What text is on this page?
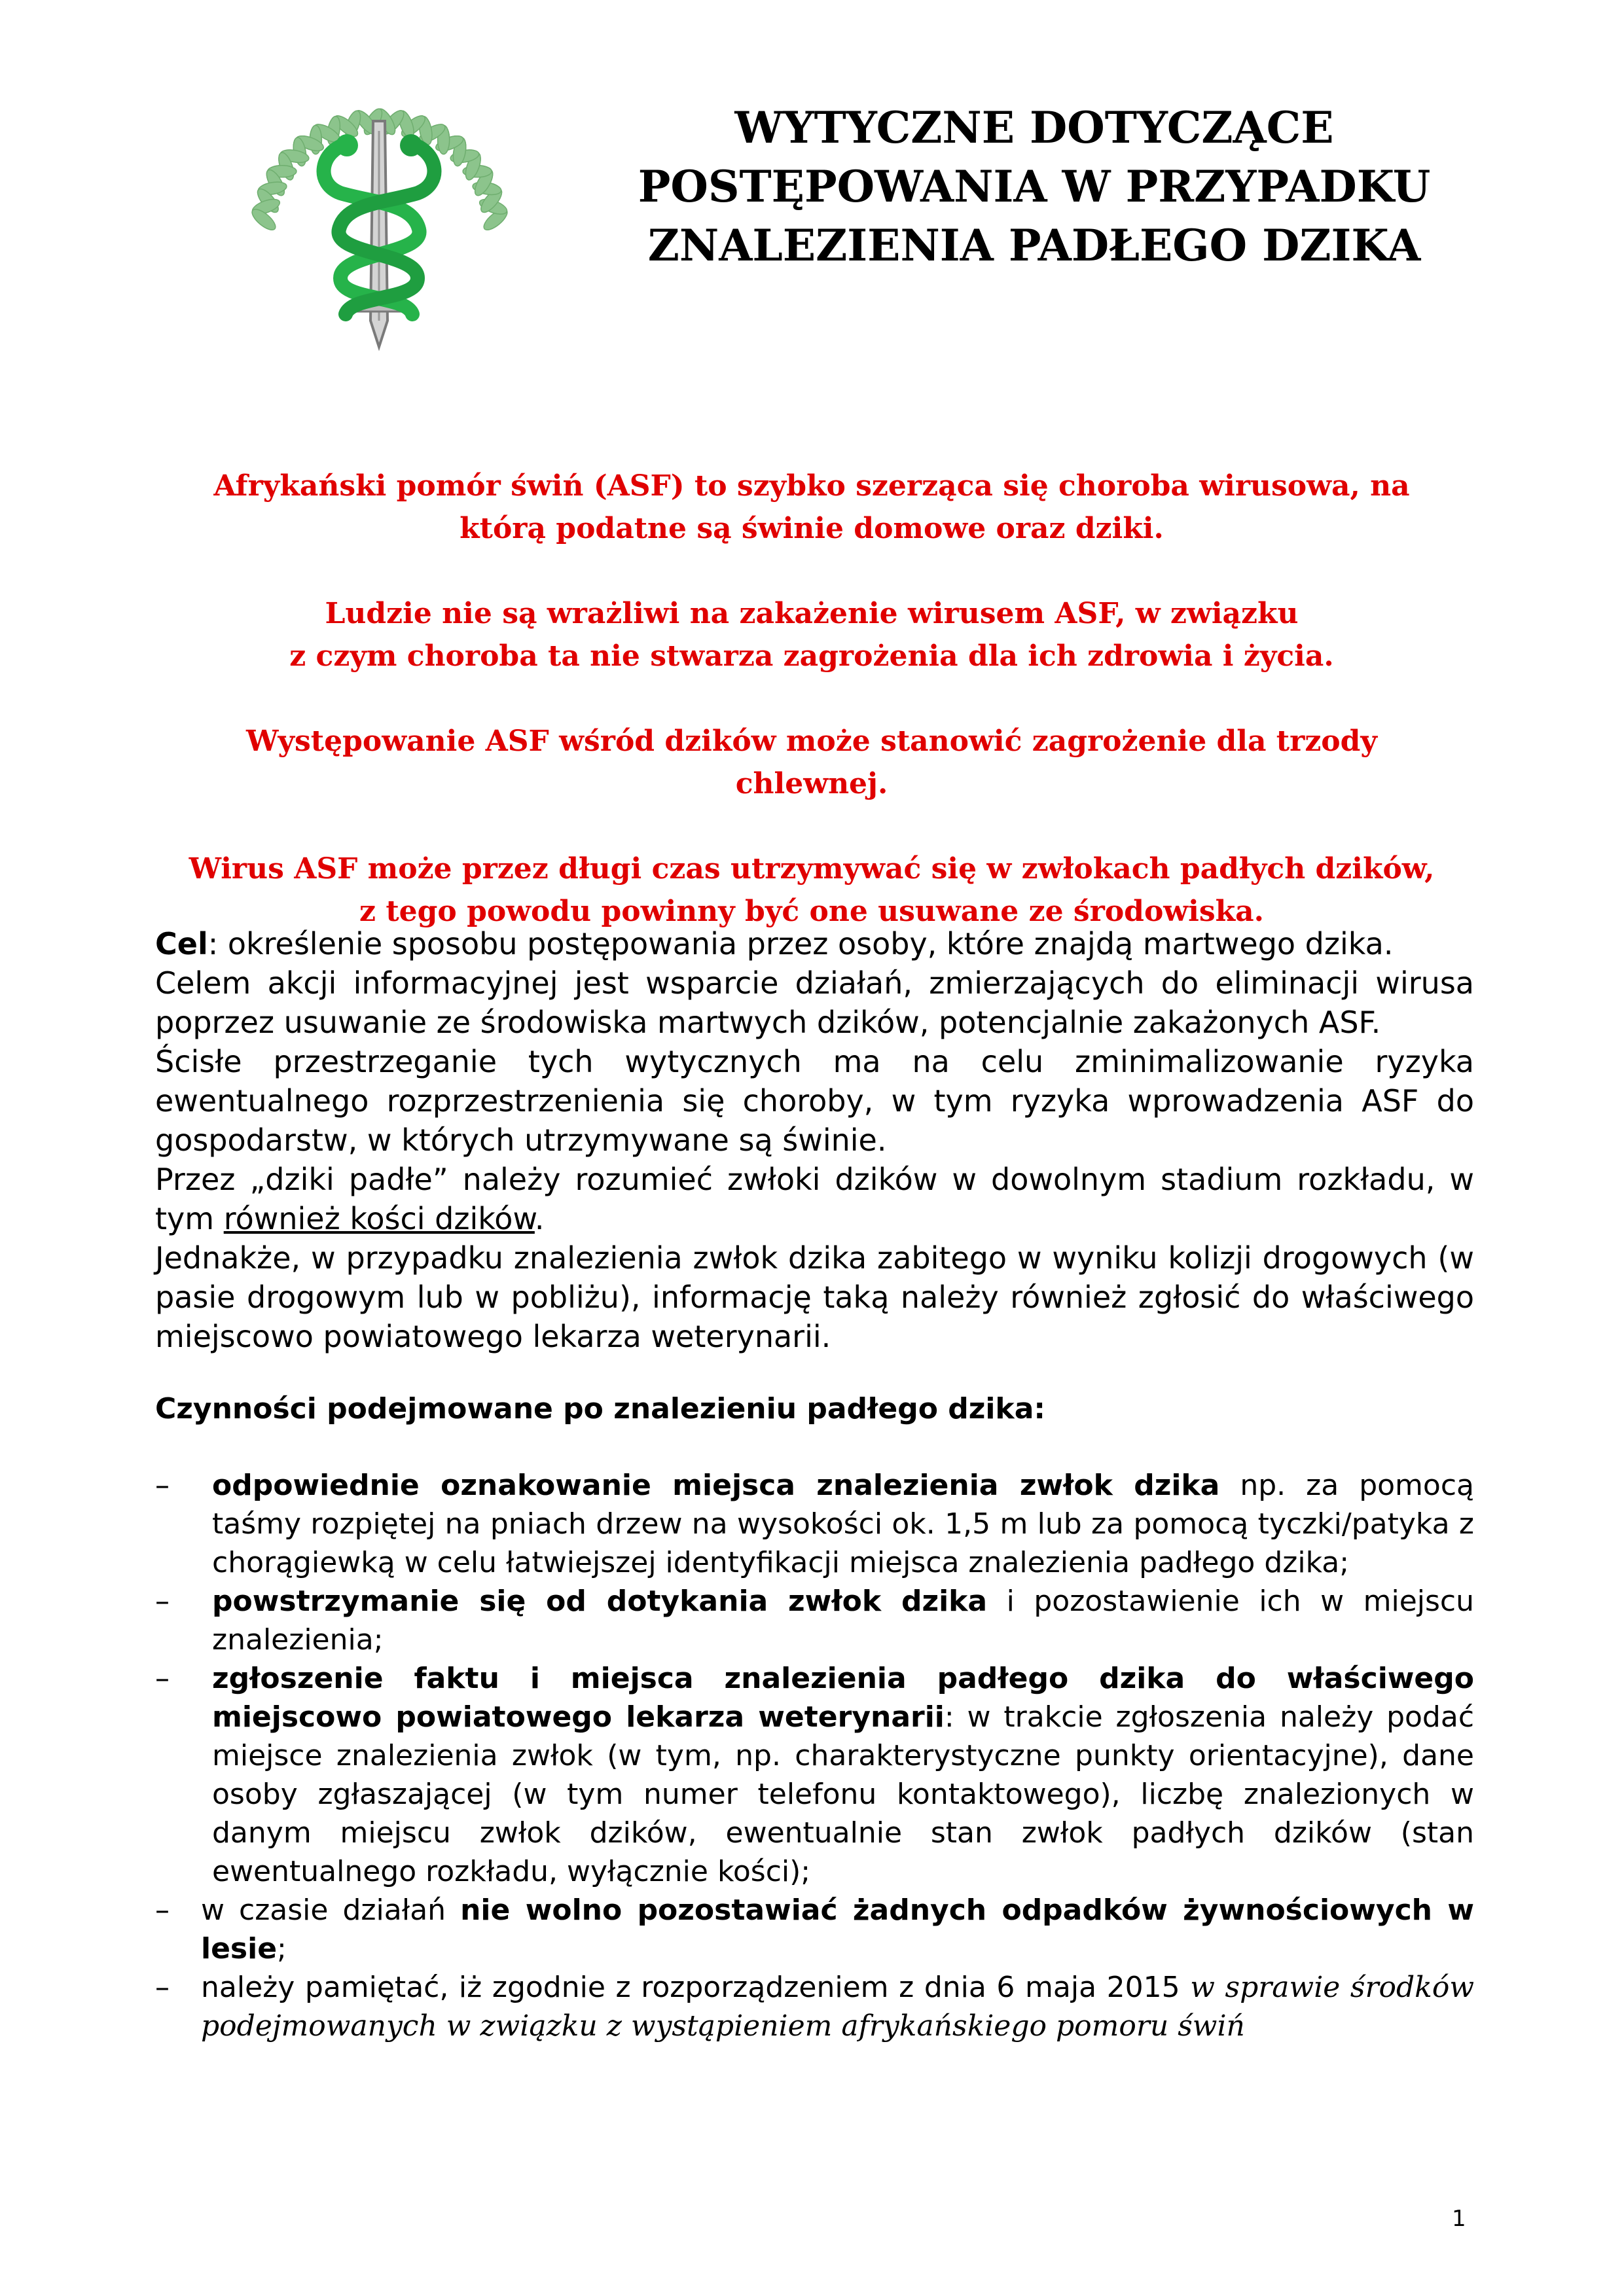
WYTYCZNE DOTYCZĄCE
POSTĘPOWANIA W PRZYPADKU
ZNALEZIENIA PADŁEGO DZIKA

Afrykański pomór świń (ASF) to szybko szerząca się choroba wirusowa, na
którą podatne są świnie domowe oraz dziki.

Ludzie nie są wrażliwi na zakażenie wirusem ASF, w związku
z czym choroba ta nie stwarza zagrożenia dla ich zdrowia i życia.

Występowanie ASF wśród dzików może stanowić zagrożenie dla trzody
chlewnej.

Wirus ASF może przez długi czas utrzymywać się w zwłokach padłych dzików,
z tego powodu powinny być one usuwane ze środowiska.

Cel: określenie sposobu postępowania przez osoby, które znajdą martwego dzika.

Celem akcji informacyjnej jest wsparcie działań, zmierzających do eliminacji wirusa poprzez usuwanie ze środowiska martwych dzików, potencjalnie zakażonych ASF.

Ścisłe przestrzeganie tych wytycznych ma na celu zminimalizowanie ryzyka ewentualnego rozprzestrzenienia się choroby, w tym ryzyka wprowadzenia ASF do gospodarstw, w których utrzymywane są świnie.

Przez „dziki padłe” należy rozumieć zwłoki dzików w dowolnym stadium rozkładu, w tym również kości dzików.

Jednakże, w przypadku znalezienia zwłok dzika zabitego w wyniku kolizji drogowych (w pasie drogowym lub w pobliżu), informację taką należy również zgłosić do właściwego miejscowo powiatowego lekarza weterynarii.

Czynności podejmowane po znalezieniu padłego dzika:
– odpowiednie oznakowanie miejsca znalezienia zwłok dzika np. za pomocą taśmy rozpiętej na pniach drzew na wysokości ok. 1,5 m lub za pomocą tyczki/patyka z chorągiewką w celu łatwiejszej identyfikacji miejsca znalezienia padłego dzika;
– powstrzymanie się od dotykania zwłok dzika i pozostawienie ich w miejscu znalezienia;
– zgłoszenie faktu i miejsca znalezienia padłego dzika do właściwego miejscowo powiatowego lekarza weterynarii: w trakcie zgłoszenia należy podać miejsce znalezienia zwłok (w tym, np. charakterystyczne punkty orientacyjne), dane osoby zgłaszającej (w tym numer telefonu kontaktowego), liczbę znalezionych w danym miejscu zwłok dzików, ewentualnie stan zwłok padłych dzików (stan ewentualnego rozkładu, wyłącznie kości);
– w czasie działań nie wolno pozostawiać żadnych odpadków żywnościowych w lesie;
– należy pamiętać, iż zgodnie z rozporządzeniem z dnia 6 maja 2015 w sprawie środków podejmowanych w związku z wystąpieniem afrykańskiego pomoru świń
1
